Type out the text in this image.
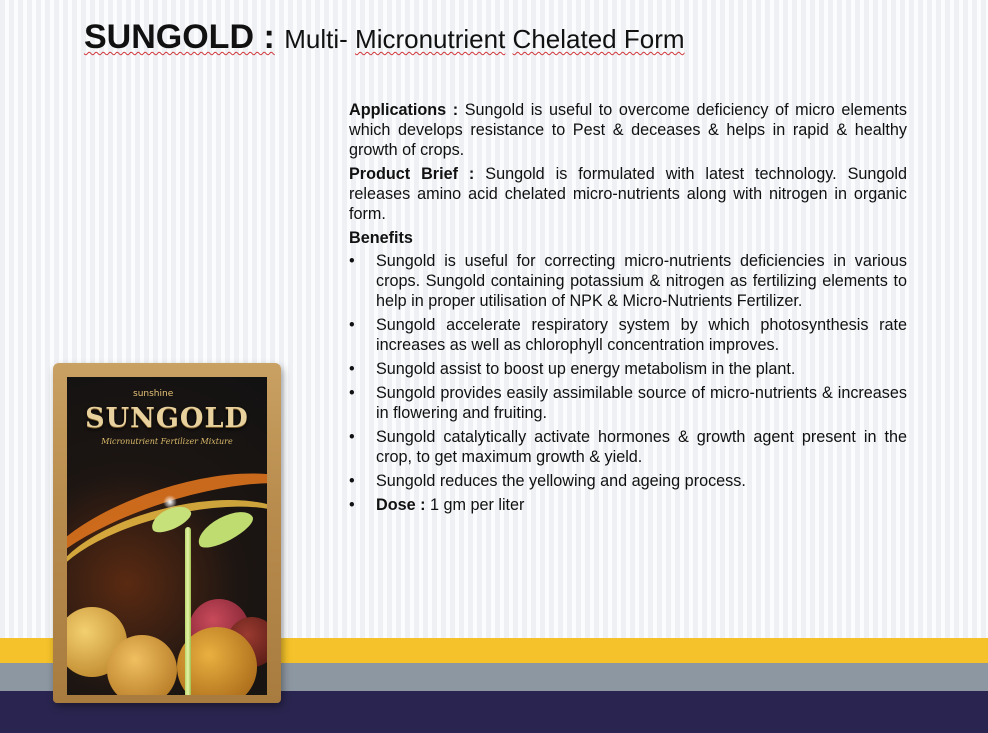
SUNGOLD : Multi- Micronutrient Chelated Form

Applications : Sungold is useful to overcome deficiency of micro elements which develops resistance to Pest & deceases & helps in rapid & healthy growth of crops.

Product Brief : Sungold is formulated with latest technology. Sungold releases amino acid chelated micro-nutrients along with nitrogen in organic form.

Benefits
• Sungold is useful for correcting micro-nutrients deficiencies in various crops. Sungold containing potassium & nitrogen as fertilizing elements to help in proper utilisation of NPK & Micro-Nutrients Fertilizer.
• Sungold accelerate respiratory system by which photosynthesis rate increases as well as chlorophyll concentration improves.
• Sungold assist to boost up energy metabolism in the plant.
• Sungold provides easily assimilable source of micro-nutrients & increases in flowering and fruiting.
• Sungold catalytically activate hormones & growth agent present in the crop, to get maximum growth & yield.
• Sungold reduces the yellowing and ageing process.
• Dose : 1 gm per liter
sunshine
SUNGOLD
Micronutrient Fertilizer Mixture
